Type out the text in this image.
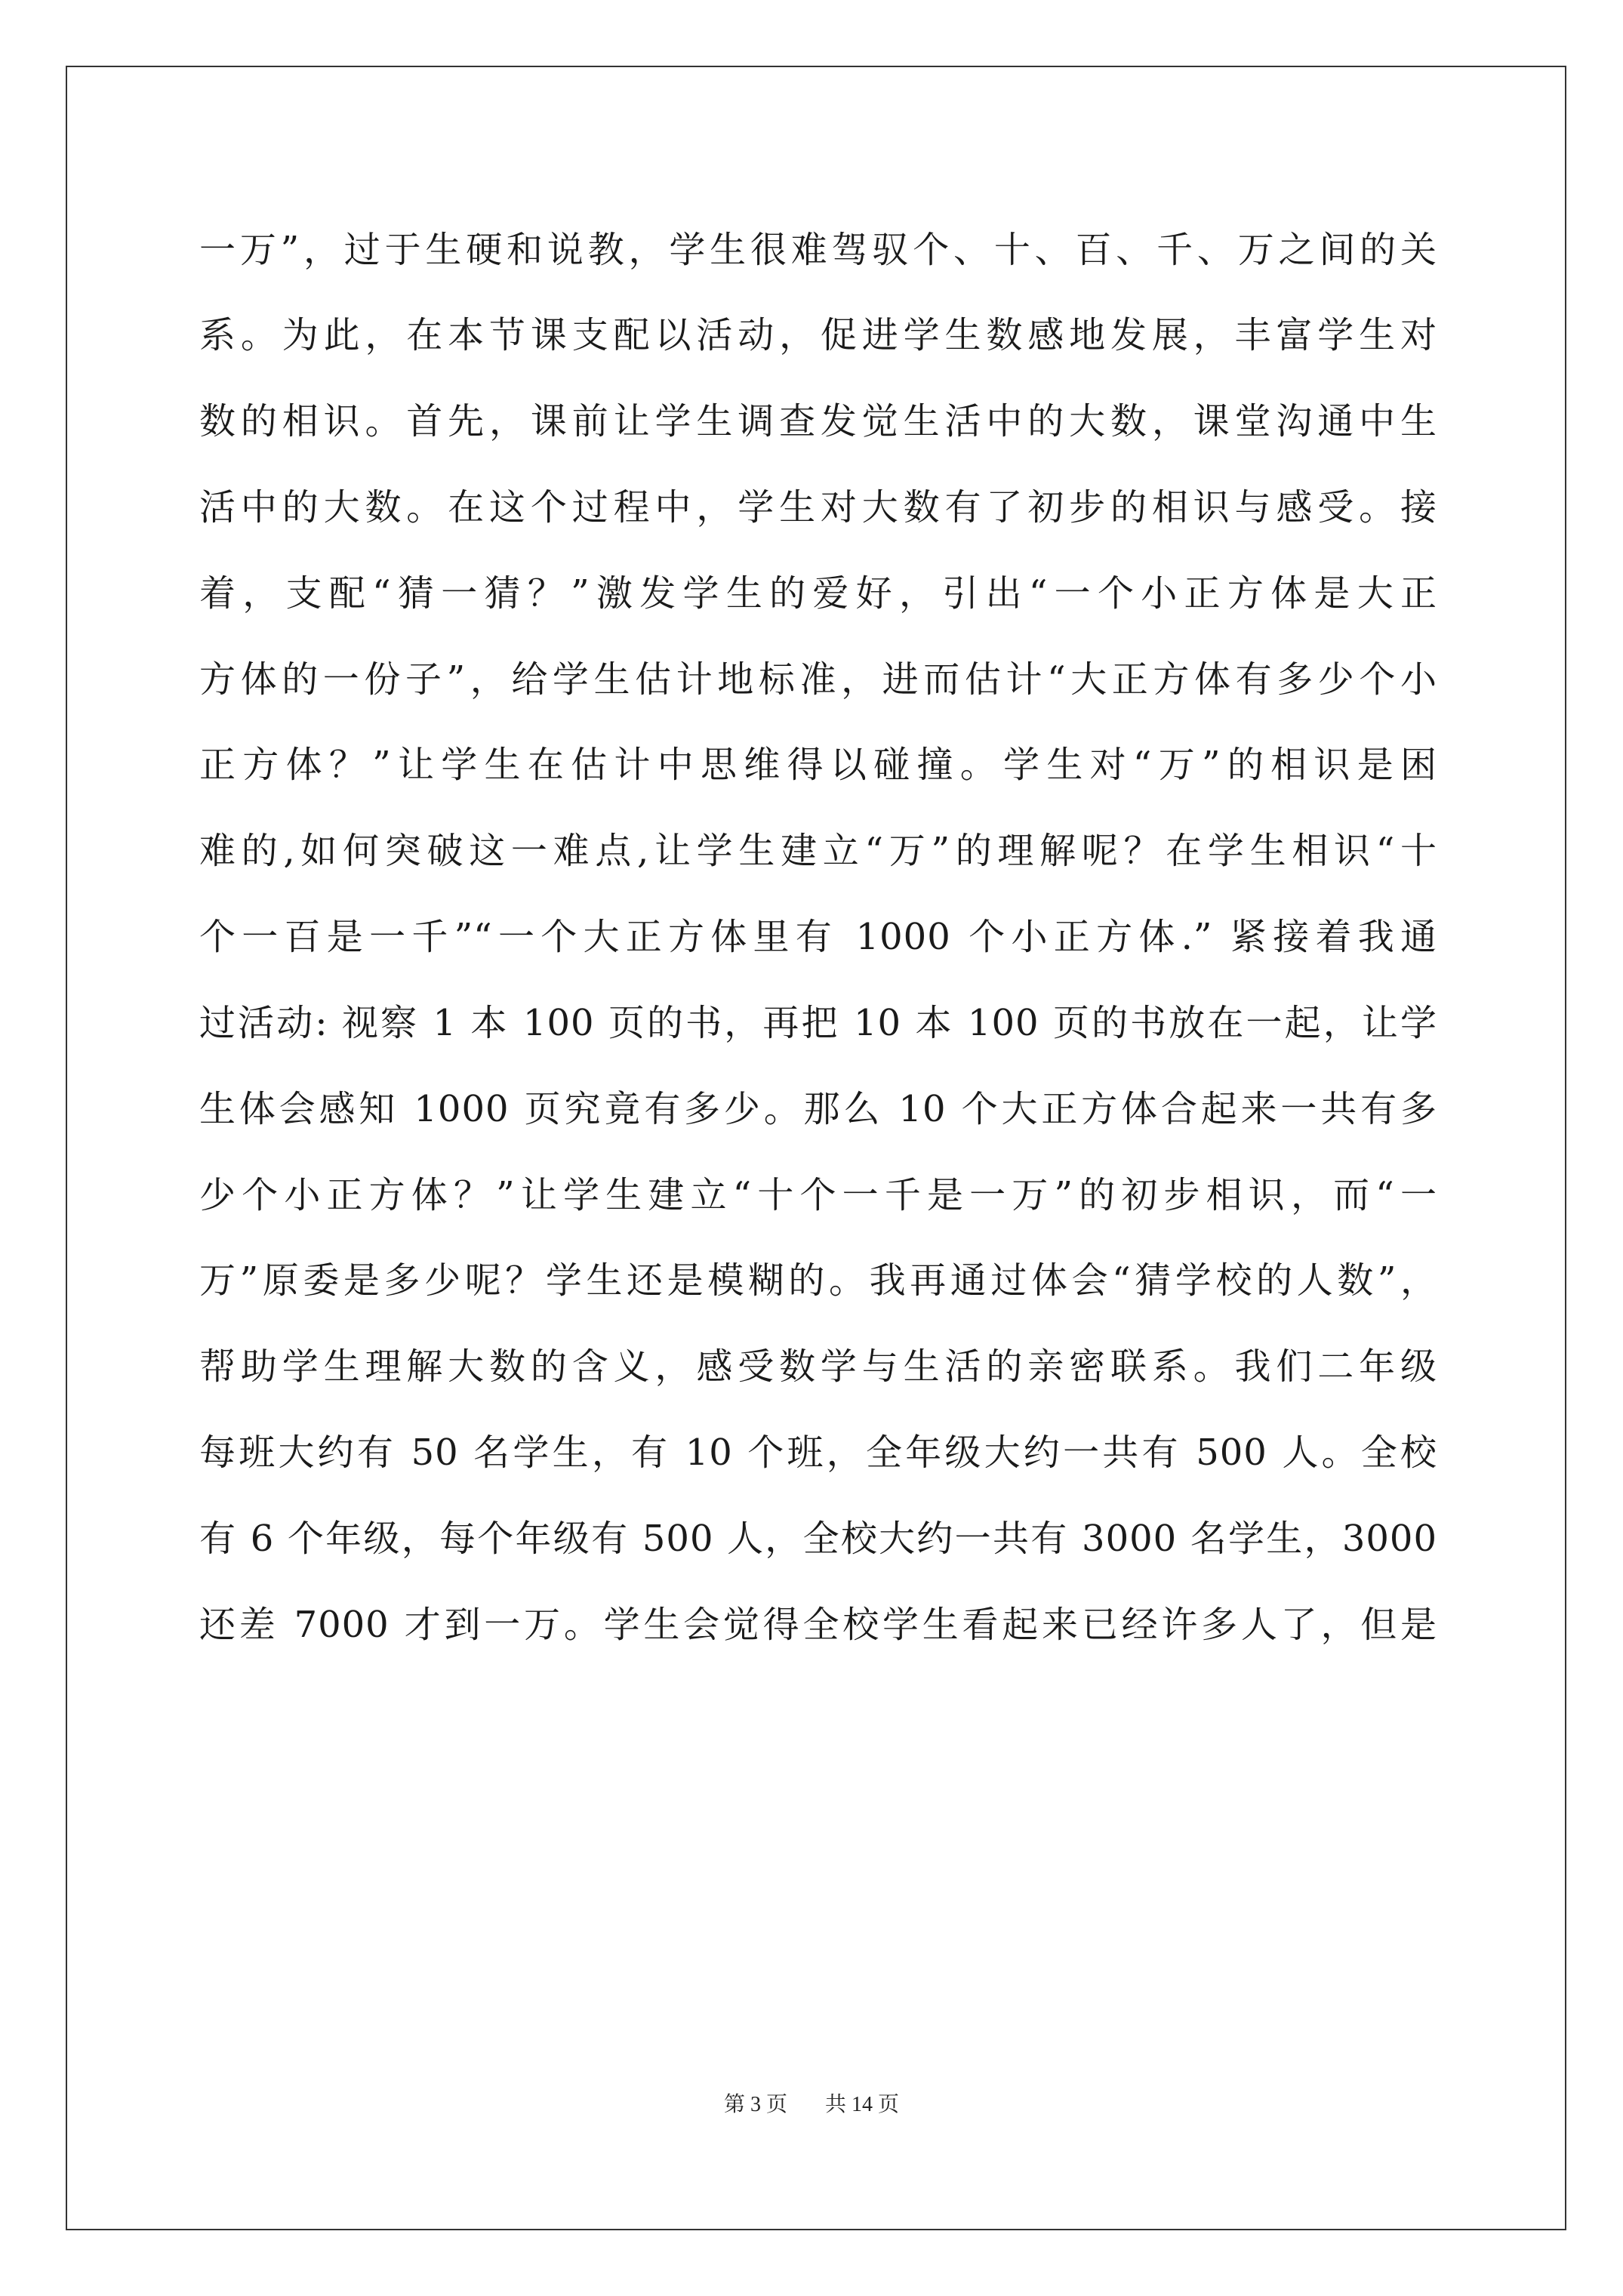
一万”，过于生硬和说教，学生很难驾驭个、十、百、千、万之间的关
系。为此，在本节课支配以活动，促进学生数感地发展，丰富学生对
数的相识。首先，课前让学生调查发觉生活中的大数，课堂沟通中生
活中的大数。在这个过程中，学生对大数有了初步的相识与感受。接
着，支配“猜一猜？”激发学生的爱好，引出“一个小正方体是大正
方体的一份子”，给学生估计地标准，进而估计“大正方体有多少个小
正方体？”让学生在估计中思维得以碰撞。学生对“万”的相识是困
难的,如何突破这一难点,让学生建立“万”的理解呢？在学生相识“十
个一百是一千”“一个大正方体里有 1000 个小正方体.” 紧接着我通
过活动: 视察 1 本 100 页的书，再把 10 本 100 页的书放在一起，让学
生体会感知 1000 页究竟有多少。那么 10 个大正方体合起来一共有多
少个小正方体？”让学生建立“十个一千是一万”的初步相识，而“一
万”原委是多少呢？学生还是模糊的。我再通过体会“猜学校的人数”，
帮助学生理解大数的含义，感受数学与生活的亲密联系。我们二年级
每班大约有 50 名学生，有 10 个班，全年级大约一共有 500 人。全校
有 6 个年级，每个年级有 500 人，全校大约一共有 3000 名学生，3000
还差 7000 才到一万。学生会觉得全校学生看起来已经许多人了，但是
第 3 页 共 14 页
